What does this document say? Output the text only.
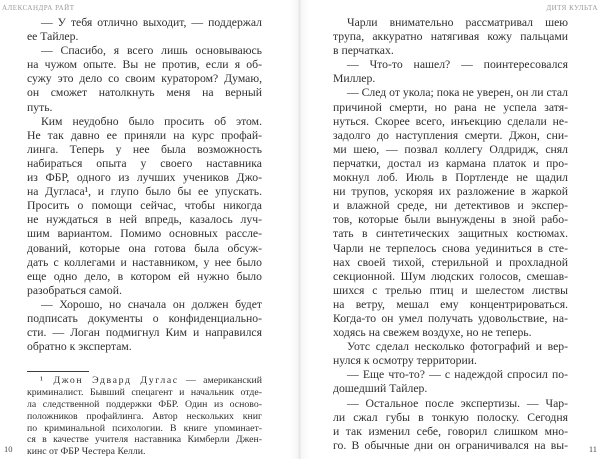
АЛЕКСАНДРА РАЙТ
— У тебя отлично выходит, — поддержал
ее Тайлер.
— Спасибо, я всего лишь основываюсь
на чужом опыте. Вы не против, если я об-
сужу это дело со своим куратором? Думаю,
он сможет натолкнуть меня на верный
путь.
Ким неудобно было просить об этом.
Не так давно ее приняли на курс профай-
линга. Теперь у нее была возможность
набираться опыта у своего наставника
из ФБР, одного из лучших учеников Джо-
на Дугласа¹, и глупо было бы ее упускать.
Просить о помощи сейчас, чтобы никогда
не нуждаться в ней впредь, казалось луч-
шим вариантом. Помимо основных рассле-
дований, которые она готова была обсуж-
дать с коллегами и наставником, у нее было
еще одно дело, в котором ей нужно было
разобраться самой.
— Хорошо, но сначала он должен будет
подписать документы о конфиденциально-
сти. — Логан подмигнул Ким и направился
обратно к экспертам.
¹ Джон Эдвард Дуглас — американский
криминалист. Бывший спецагент и начальник отде-
ла следственной поддержки ФБР. Один из осново-
положников профайлинга. Автор нескольких книг
по криминальной психологии. В книге упоминает-
ся в качестве учителя наставника Кимберли Джен-
кинс от ФБР Честера Келли.
10
ДИТЯ КУЛЬТА
Чарли внимательно рассматривал шею
трупа, аккуратно натягивая кожу пальцами
в перчатках.
— Что-то нашел? — поинтересовался
Миллер.
— След от укола; пока не уверен, он ли стал
причиной смерти, но рана не успела затя-
нуться. Скорее всего, инъекцию сделали не-
задолго до наступления смерти. Джон, сни-
ми шею, — позвал коллегу Олдридж, снял
перчатки, достал из кармана платок и про-
мокнул лоб. Июль в Портленде не щадил
ни трупов, ускоряя их разложение в жаркой
и влажной среде, ни детективов и экспер-
тов, которые были вынуждены в зной рабо-
тать в синтетических защитных костюмах.
Чарли не терпелось снова уединиться в сте-
нах своей тихой, стерильной и прохладной
секционной. Шум людских голосов, смешав-
шихся с трелью птиц и шелестом листвы
на ветру, мешал ему концентрироваться.
Когда-то он умел получать удовольствие, на-
ходясь на свежем воздухе, но не теперь.
Уотс сделал несколько фотографий и вер-
нулся к осмотру территории.
— Еще что-то? — с надеждой спросил по-
дошедший Тайлер.
— Остальное после экспертизы. — Чар-
ли сжал губы в тонкую полоску. Сегодня
и так изменил себе, говорил слишком мно-
го. В обычные дни он ограничивался на вы- 11
